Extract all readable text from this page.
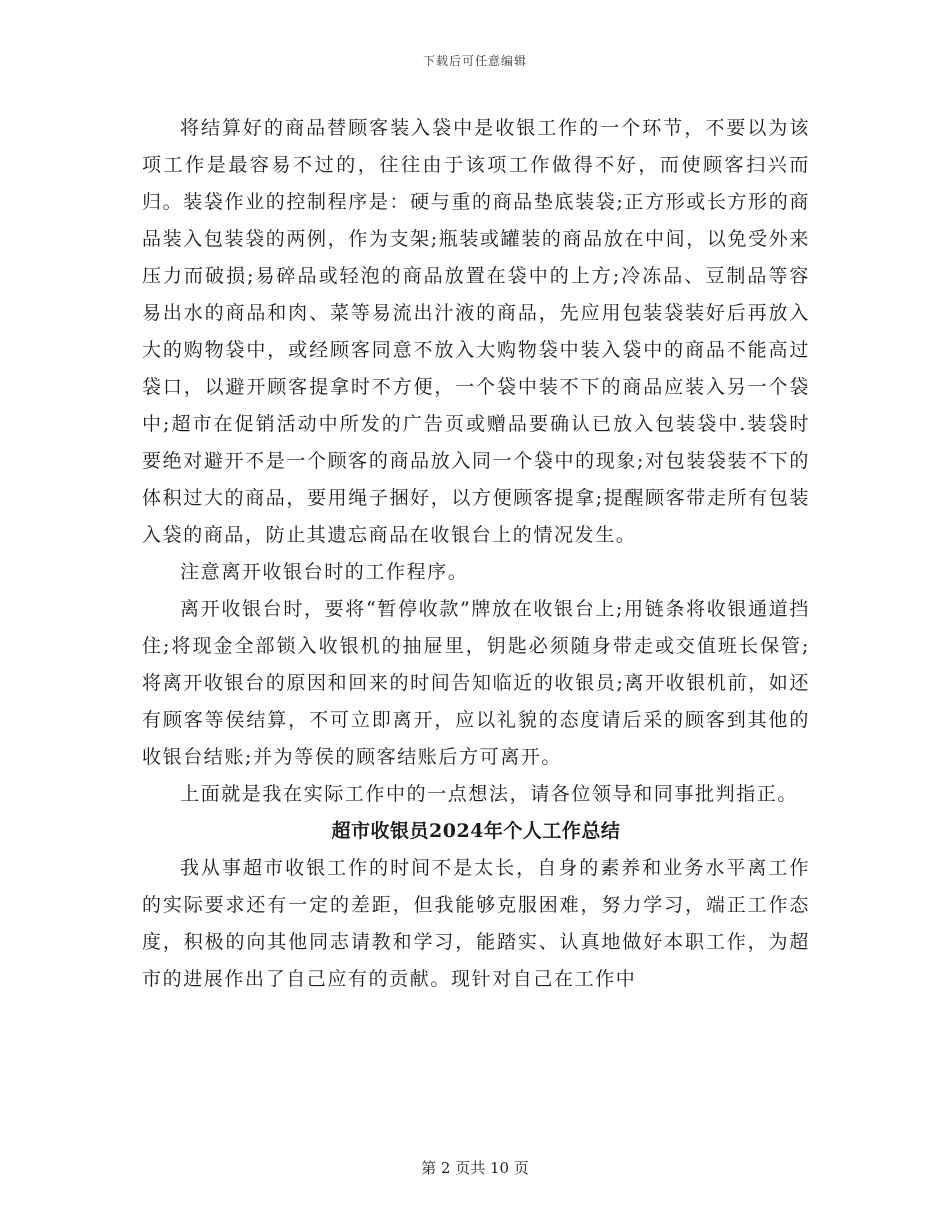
下载后可任意编辑

将结算好的商品替顾客装入袋中是收银工作的一个环节，不要以为该项工作是最容易不过的，往往由于该项工作做得不好，而使顾客扫兴而归。装袋作业的控制程序是：硬与重的商品垫底装袋;正方形或长方形的商品装入包装袋的两例，作为支架;瓶装或罐装的商品放在中间，以免受外来压力而破损;易碎品或轻泡的商品放置在袋中的上方;冷冻品、豆制品等容易出水的商品和肉、菜等易流出汁液的商品，先应用包装袋装好后再放入大的购物袋中，或经顾客同意不放入大购物袋中装入袋中的商品不能高过袋口，以避开顾客提拿时不方便，一个袋中装不下的商品应装入另一个袋中;超市在促销活动中所发的广告页或赠品要确认已放入包装袋中.装袋时要绝对避开不是一个顾客的商品放入同一个袋中的现象;对包装袋装不下的体积过大的商品，要用绳子捆好，以方便顾客提拿;提醒顾客带走所有包装入袋的商品，防止其遗忘商品在收银台上的情况发生。

注意离开收银台时的工作程序。

离开收银台时，要将“暂停收款”牌放在收银台上;用链条将收银通道挡住;将现金全部锁入收银机的抽屉里，钥匙必须随身带走或交值班长保管;将离开收银台的原因和回来的时间告知临近的收银员;离开收银机前，如还有顾客等侯结算，不可立即离开，应以礼貌的态度请后采的顾客到其他的收银台结账;并为等侯的顾客结账后方可离开。

上面就是我在实际工作中的一点想法，请各位领导和同事批判指正。

超市收银员2024年个人工作总结

我从事超市收银工作的时间不是太长，自身的素养和业务水平离工作的实际要求还有一定的差距，但我能够克服困难，努力学习，端正工作态度，积极的向其他同志请教和学习，能踏实、认真地做好本职工作，为超市的进展作出了自己应有的贡献。现针对自己在工作中

第 2 页共 10 页
